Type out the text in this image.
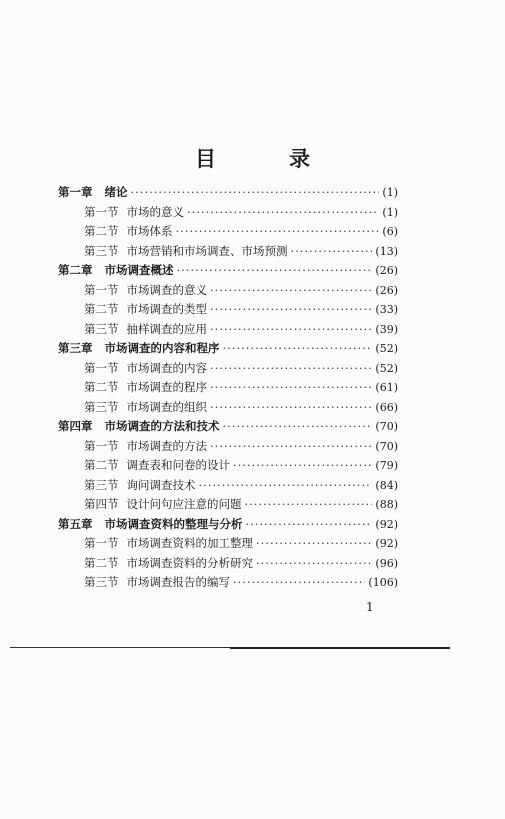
目　录
第一章 绪论 ·····	(1)
第一节 市场的意义 ·····	(1)
第二节 市场体系 ·····	(6)
第三节 市场营销和市场调查、市场预测 ·····	(13)
第二章 市场调查概述 ·····	(26)
第一节 市场调查的意义 ·····	(26)
第二节 市场调查的类型 ·····	(33)
第三节 抽样调查的应用 ·····	(39)
第三章 市场调查的内容和程序 ·····	(52)
第一节 市场调查的内容 ·····	(52)
第二节 市场调查的程序 ·····	(61)
第三节 市场调查的组织 ·····	(66)
第四章 市场调查的方法和技术 ·····	(70)
第一节 市场调查的方法 ·····	(70)
第二节 调查表和问卷的设计 ·····	(79)
第三节 询问调查技术 ·····	(84)
第四节 设计问句应注意的问题 ·····	(88)
第五章 市场调查资料的整理与分析 ·····	(92)
第一节 市场调查资料的加工整理 ·····	(92)
第二节 市场调查资料的分析研究 ·····	(96)
第三节 市场调查报告的编写 ·····	(106)
1
